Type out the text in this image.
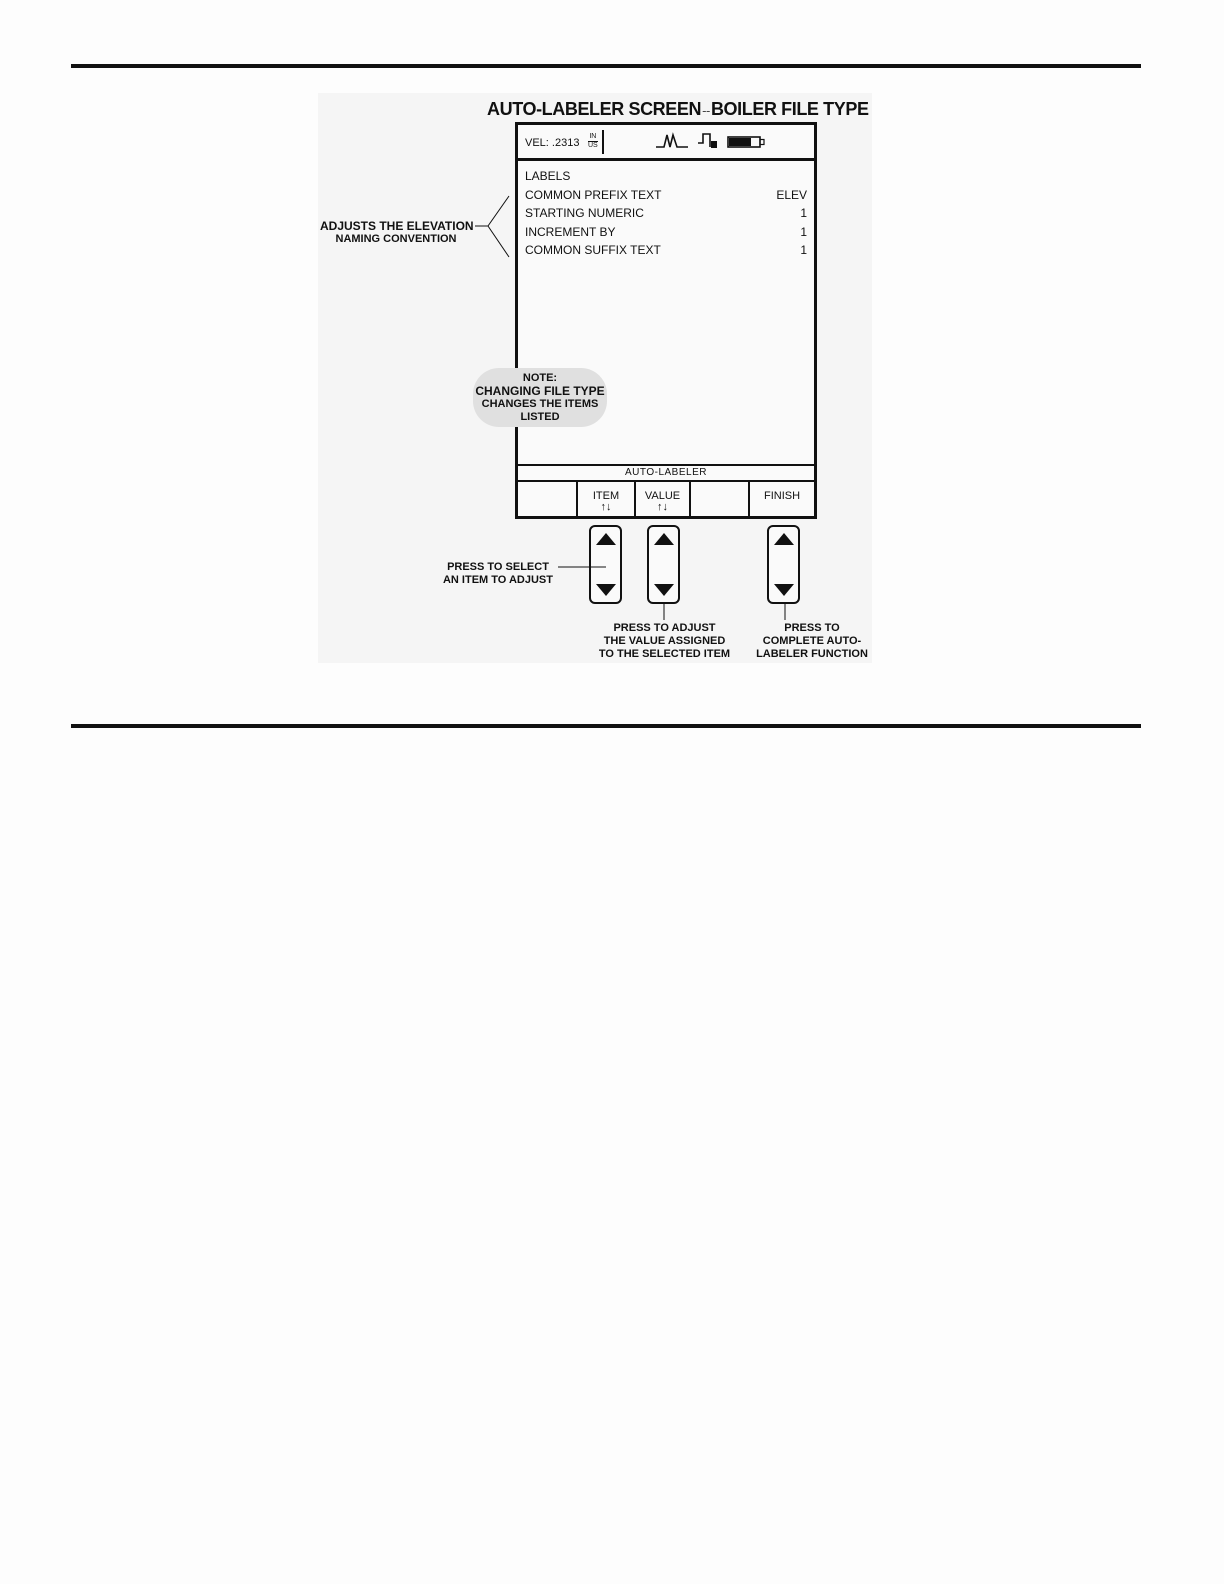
AUTO-LABELER SCREEN--BOILER FILE TYPE
VEL: .2313
IN
US
LABELS
COMMON PREFIX TEXT	ELEV
STARTING NUMERIC	1
INCREMENT BY	1
COMMON SUFFIX TEXT	1
AUTO-LABELER
ITEM
↑↓
VALUE
↑↓
FINISH
NOTE:
CHANGING FILE TYPE
CHANGES THE ITEMS
LISTED
ADJUSTS THE ELEVATION
NAMING CONVENTION
PRESS TO SELECT
AN ITEM TO ADJUST
PRESS TO ADJUST
THE VALUE ASSIGNED
TO THE SELECTED ITEM
PRESS TO
COMPLETE AUTO-
LABELER FUNCTION
